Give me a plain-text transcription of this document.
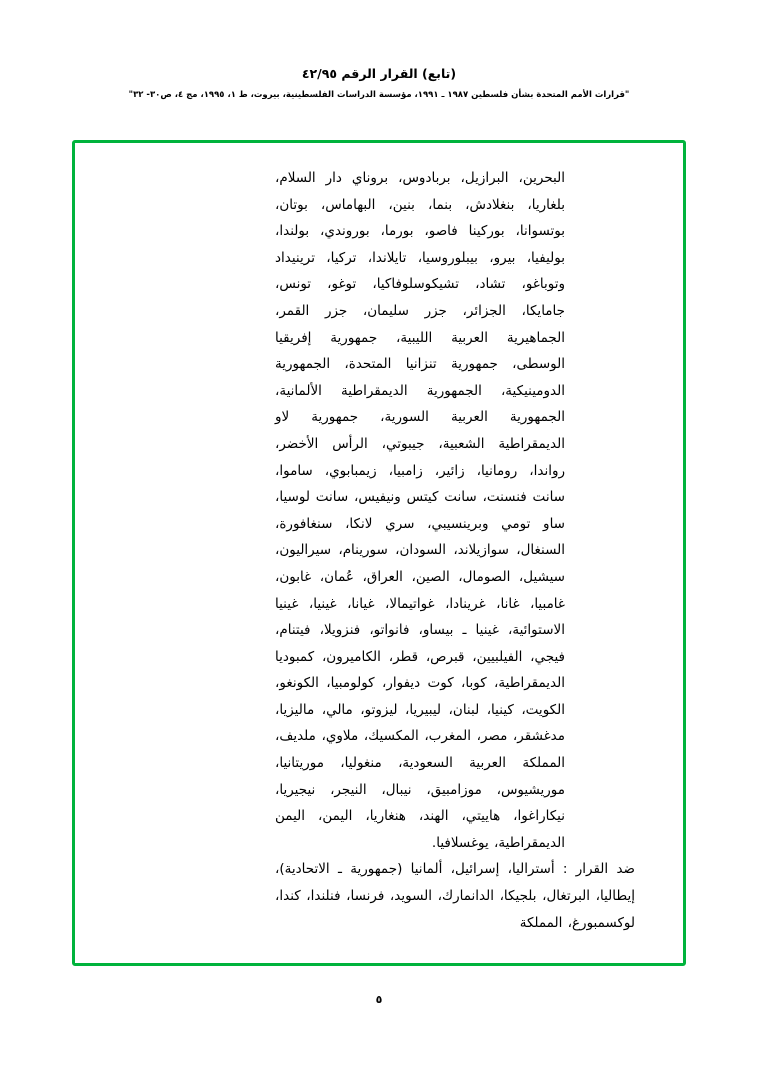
(تابع) القرار الرقم ٤٢/٩٥
"قرارات الأمم المتحدة بشأن فلسطين ١٩٨٧ ـ ١٩٩١، مؤسسة الدراسات الفلسطينية، بيروت، ط ١، ١٩٩٥، مج ٤، ص٣٠- ٣٢"
البحرين، البرازيل، بربادوس، بروناي دار السلام، بلغاريا، بنغلادش، بنما، بنين، البهاماس، بوتان، بوتسوانا، بوركينا فاصو، بورما، بوروندي، بولندا، بوليفيا، بيرو، بيبلوروسيا، تايلاندا، تركيا، ترينيداد وتوباغو، تشاد، تشيكوسلوفاكيا، توغو، تونس، جامايكا، الجزائر، جزر سليمان، جزر القمر، الجماهيرية العربية الليبية، جمهورية إفريقيا الوسطى، جمهورية تنزانيا المتحدة، الجمهورية الدومينيكية، الجمهورية الديمقراطية الألمانية، الجمهورية العربية السورية، جمهورية لاو الديمقراطية الشعبية، جيبوتي، الرأس الأخضر، رواندا، رومانيا، زائير، زامبيا، زيمبابوي، ساموا، سانت فنسنت، سانت كيتس ونيفيس، سانت لوسيا، ساو تومي وبرينسيبي، سري لانكا، سنغافورة، السنغال، سوازيلاند، السودان، سورينام، سيراليون، سيشيل، الصومال، الصين، العراق، عُمان، غابون، غامبيا، غانا، غرينادا، غواتيمالا، غيانا، غينيا، غينيا الاستوائية، غينيا ـ بيساو، فانواتو، فنزويلا، فيتنام، فيجي، الفيلبيين، قبرص، قطر، الكاميرون، كمبوديا الديمقراطية، كوبا، كوت ديفوار، كولومبيا، الكونغو، الكويت، كينيا، لبنان، ليبيريا، ليزوتو، مالي، ماليزيا، مدغشقر، مصر، المغرب، المكسيك، ملاوي، ملديف، المملكة العربية السعودية، منغوليا، موريتانيا، موريشيوس، موزامبيق، نيبال، النيجر، نيجيريا، نيكاراغوا، هاييتي، الهند، هنغاريا، اليمن، اليمن الديمقراطية، يوغسلافيا.
ضد القرار : أستراليا، إسرائيل، ألمانيا (جمهورية ـ الاتحادية)، إيطاليا، البرتغال، بلجيكا، الدانمارك، السويد، فرنسا، فنلندا، كندا، لوكسمبورغ، المملكة
٥
